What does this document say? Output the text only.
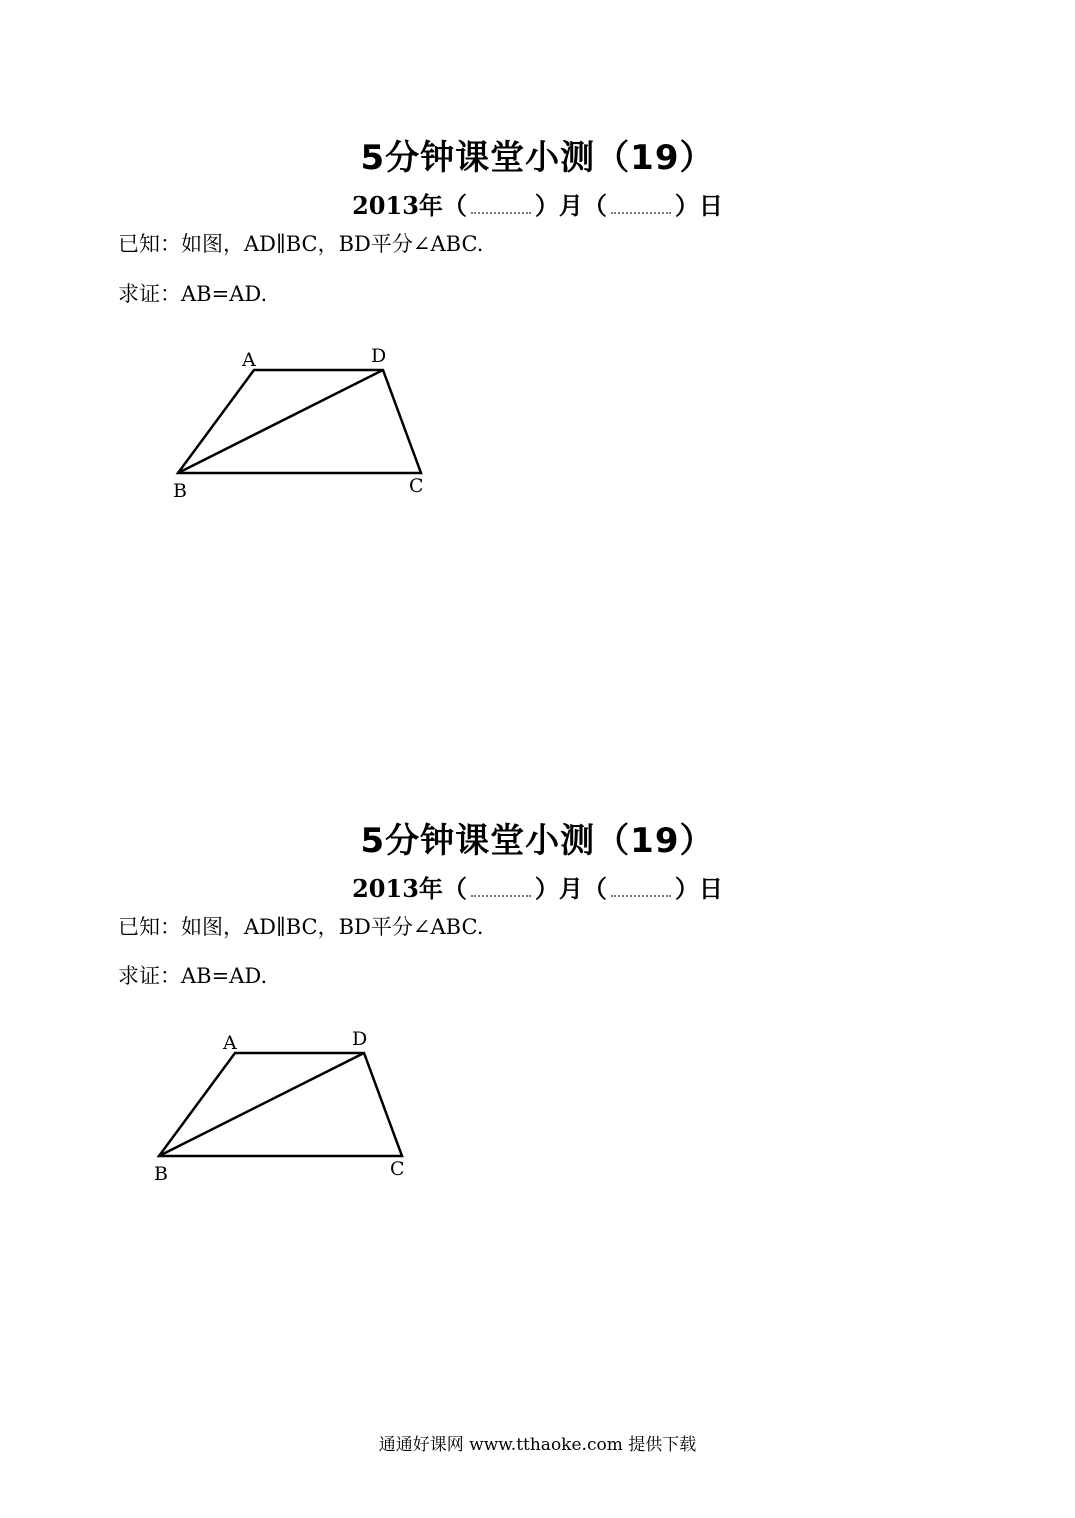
5分钟课堂小测（19）
2013年（	）月（	）日
已知：如图，AD∥BC，BD平分∠ABC.
求证：AB=AD.
A	D
B	C
5分钟课堂小测（19）
2013年（	）月（	）日
已知：如图，AD∥BC，BD平分∠ABC.
求证：AB=AD.
A	D
B	C
通通好课网 www.tthaoke.com 提供下载
